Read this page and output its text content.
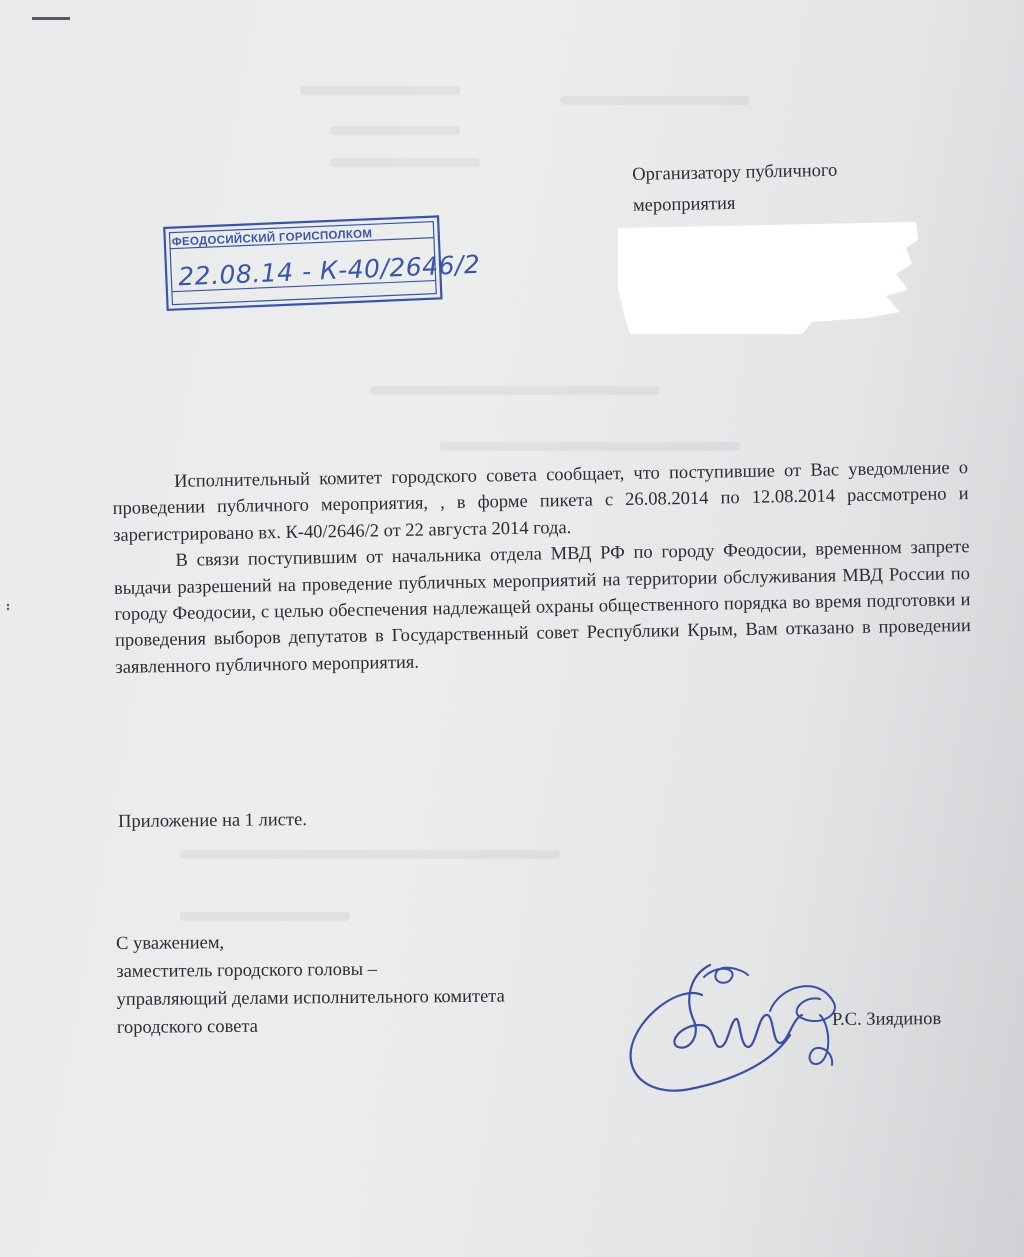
ФЕОДОСИЙСКИЙ ГОРИСПОЛКОМ
22.08.14 - К-40/2646/2
Организатору публичного
мероприятия

Исполнительный комитет городского совета сообщает, что поступившие от Вас уведомление о проведении публичного мероприятия, , в форме пикета с 26.08.2014 по 12.08.2014 рассмотрено и зарегистрировано вх. К-40/2646/2 от 22 августа 2014 года.

В связи поступившим от начальника отдела МВД РФ по городу Феодосии, временном запрете выдачи разрешений на проведение публичных мероприятий на территории обслуживания МВД России по городу Феодосии, с целью обеспечения надлежащей охраны общественного порядка во время подготовки и проведения выборов депутатов в Государственный совет Республики Крым, Вам отказано в проведении заявленного публичного мероприятия.

Приложение на 1 листе.
С уважением,
заместитель городского головы –
управляющий делами исполнительного комитета
городского совета	Р.С. Зиядинов
